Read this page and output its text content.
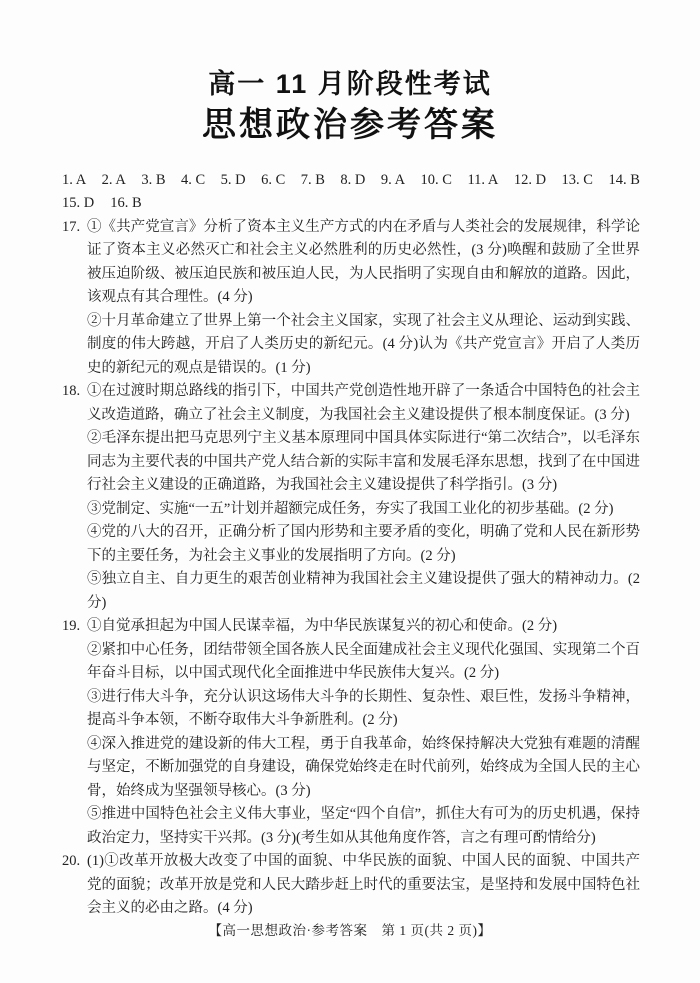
高一 11 月阶段性考试
思想政治参考答案
1. A 2. A 3. B 4. C 5. D 6. C 7. B 8. D 9. A 10. C 11. A 12. D 13. C 14. B
15. D 16. B
17. ①《共产党宣言》分析了资本主义生产方式的内在矛盾与人类社会的发展规律，科学论证了资本主义必然灭亡和社会主义必然胜利的历史必然性，(3 分)唤醒和鼓励了全世界被压迫阶级、被压迫民族和被压迫人民，为人民指明了实现自由和解放的道路。因此，该观点有其合理性。(4 分)

②十月革命建立了世界上第一个社会主义国家，实现了社会主义从理论、运动到实践、制度的伟大跨越，开启了人类历史的新纪元。(4 分)认为《共产党宣言》开启了人类历史的新纪元的观点是错误的。(1 分)

18. ①在过渡时期总路线的指引下，中国共产党创造性地开辟了一条适合中国特色的社会主义改造道路，确立了社会主义制度，为我国社会主义建设提供了根本制度保证。(3 分)

②毛泽东提出把马克思列宁主义基本原理同中国具体实际进行“第二次结合”，以毛泽东同志为主要代表的中国共产党人结合新的实际丰富和发展毛泽东思想，找到了在中国进行社会主义建设的正确道路，为我国社会主义建设提供了科学指引。(3 分)

③党制定、实施“一五”计划并超额完成任务，夯实了我国工业化的初步基础。(2 分)

④党的八大的召开，正确分析了国内形势和主要矛盾的变化，明确了党和人民在新形势下的主要任务，为社会主义事业的发展指明了方向。(2 分)

⑤独立自主、自力更生的艰苦创业精神为我国社会主义建设提供了强大的精神动力。(2 分)

19. ①自觉承担起为中国人民谋幸福，为中华民族谋复兴的初心和使命。(2 分)

②紧扣中心任务，团结带领全国各族人民全面建成社会主义现代化强国、实现第二个百年奋斗目标，以中国式现代化全面推进中华民族伟大复兴。(2 分)

③进行伟大斗争，充分认识这场伟大斗争的长期性、复杂性、艰巨性，发扬斗争精神，提高斗争本领，不断夺取伟大斗争新胜利。(2 分)

④深入推进党的建设新的伟大工程，勇于自我革命，始终保持解决大党独有难题的清醒与坚定，不断加强党的自身建设，确保党始终走在时代前列，始终成为全国人民的主心骨，始终成为坚强领导核心。(3 分)

⑤推进中国特色社会主义伟大事业，坚定“四个自信”，抓住大有可为的历史机遇，保持政治定力，坚持实干兴邦。(3 分)(考生如从其他角度作答，言之有理可酌情给分)

20. (1)①改革开放极大改变了中国的面貌、中华民族的面貌、中国人民的面貌、中国共产党的面貌；改革开放是党和人民大踏步赶上时代的重要法宝，是坚持和发展中国特色社会主义的必由之路。(4 分)

【高一思想政治·参考答案　第 1 页(共 2 页)】
